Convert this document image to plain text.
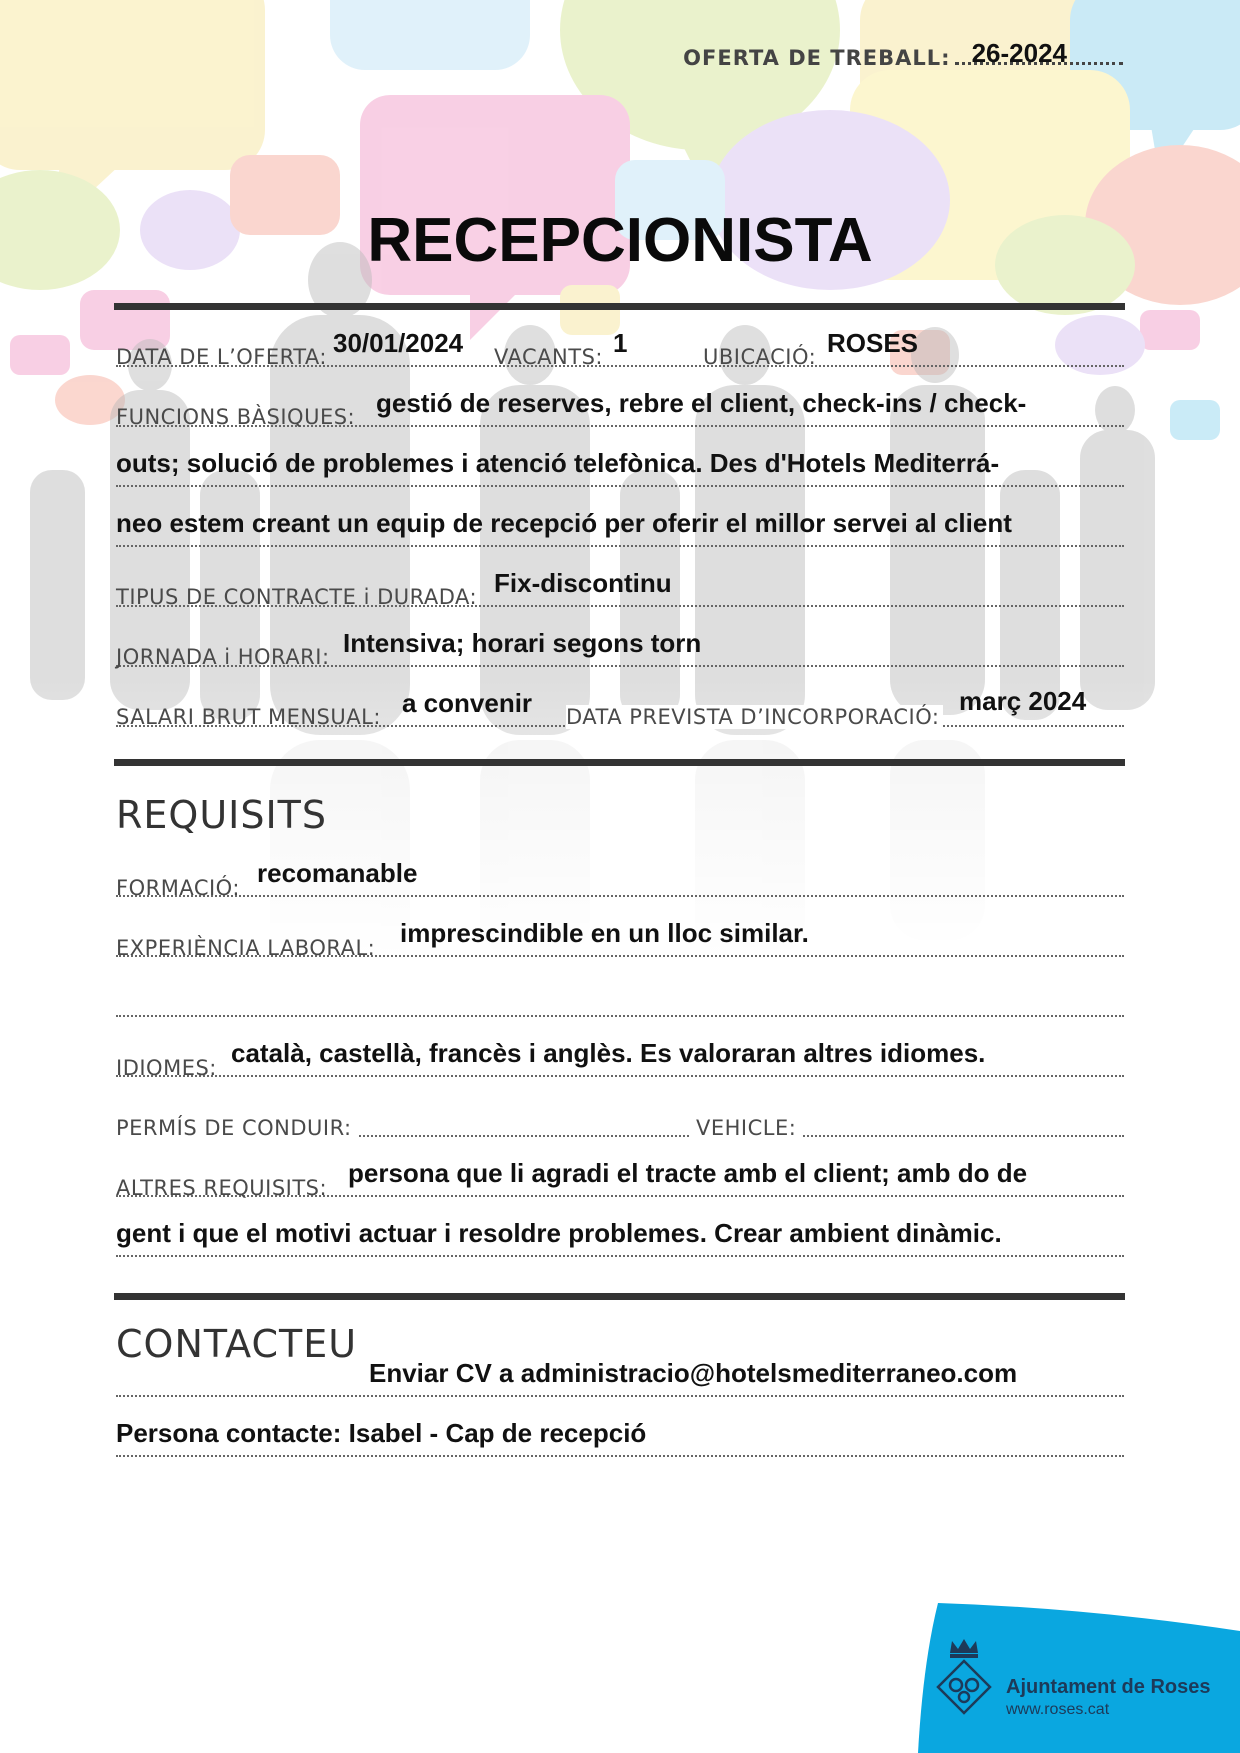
OFERTA DE TREBALL: 26-2024
RECEPCIONISTA
DATA DE L’OFERTA: 30/01/2024 VACANTS: 1	UBICACIÓ: ROSES
FUNCIONS BÀSIQUES: gestió de reserves, rebre el client, check-ins / check-
outs; solució de problemes i atenció telefònica. Des d'Hotels Mediterrá-
neo estem creant un equip de recepció per oferir el millor servei al client
TIPUS DE CONTRACTE i DURADA: Fix-discontinu
JORNADA i HORARI: Intensiva; horari segons torn
SALARI BRUT MENSUAL: a convenir DATA PREVISTA D’INCORPORACIÓ:
març 2024
REQUISITS
FORMACIÓ: recomanable
EXPERIÈNCIA LABORAL: imprescindible en un lloc similar.
IDIOMES: català, castellà, francès i anglès. Es valoraran altres idiomes.
PERMÍS DE CONDUIR:	VEHICLE:
ALTRES REQUISITS: persona que li agradi el tracte amb el client; amb do de
gent i que el motivi actuar i resoldre problemes. Crear ambient dinàmic.
CONTACTEU
Enviar CV a administracio@hotelsmediterraneo.com
Persona contacte: Isabel - Cap de recepció
Ajuntament de Roses
www.roses.cat
